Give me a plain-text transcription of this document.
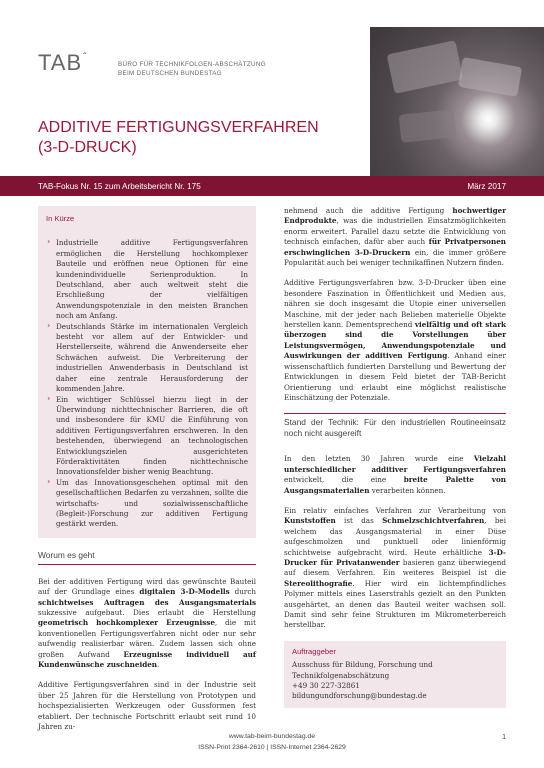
$TAB^ˆ$
BÜRO FÜR TECHNIKFOLGEN-ABSCHÄTZUNG
BEIM DEUTSCHEN BUNDESTAG
ADDITIVE FERTIGUNGSVERFAHREN
(3-D-DRUCK)
TAB-Fokus Nr. 15 zum Arbeitsbericht Nr. 175	März 2017
In Kürze
› Industrielle additive Fertigungsverfahren ermöglichen die Herstellung hochkomplexer Bauteile und eröffnen neue Optionen für eine kundenindividuelle Serienproduktion. In Deutschland, aber auch weltweit steht die Erschließung der vielfältigen Anwendungspotenziale in den meisten Branchen noch am Anfang.
› Deutschlands Stärke im internationalen Vergleich besteht vor allem auf der Entwickler- und Herstellerseite, während die Anwenderseite eher Schwächen aufweist. Die Verbreiterung der industriellen Anwenderbasis in Deutschland ist daher eine zentrale Herausforderung der kommenden Jahre.
› Ein wichtiger Schlüssel hierzu liegt in der Überwindung nichttechnischer Barrieren, die oft und insbesondere für KMU die Einführung von additiven Fertigungsverfahren erschweren. In den bestehenden, überwiegend an technologischen Entwicklungszielen ausgerichteten Förderaktivitäten finden nichttechnische Innovationsfelder bisher wenig Beachtung.
› Um das Innovationsgeschehen optimal mit den gesellschaftlichen Bedarfen zu verzahnen, sollte die wirtschafts- und sozialwissenschaftliche (Begleit-)Forschung zur additiven Fertigung gestärkt werden.
Worum es geht

Bei der additiven Fertigung wird das gewünschte Bauteil auf der Grundlage eines digitalen 3-D-Modells durch schichtweises Auftragen des Ausgangsmaterials sukzessive aufgebaut. Dies erlaubt die Herstellung geometrisch hochkomplexer Erzeugnisse, die mit konventionellen Fertigungsverfahren nicht oder nur sehr aufwendig realisierbar wären. Zudem lassen sich ohne großen Aufwand Erzeugnisse individuell auf Kundenwünsche zuschneiden.

Additive Fertigungsverfahren sind in der Industrie seit über 25 Jahren für die Herstellung von Prototypen und hochspezialisierten Werkzeugen oder Gussformen fest etabliert. Der technische Fortschritt erlaubt seit rund 10 Jahren zu-

nehmend auch die additive Fertigung hochwertiger Endprodukte, was die industriellen Einsatzmöglichkeiten enorm erweitert. Parallel dazu setzte die Entwicklung von technisch einfachen, dafür aber auch für Privatpersonen erschwinglichen 3-D-Druckern ein, die immer größere Popularität auch bei weniger technikaffinen Nutzern finden.

Additive Fertigungsverfahren bzw. 3-D-Drucker üben eine besondere Faszination in Öffentlichkeit und Medien aus, nähren sie doch insgesamt die Utopie einer universellen Maschine, mit der jeder nach Belieben materielle Objekte herstellen kann. Dementsprechend vielfältig und oft stark überzogen sind die Vorstellungen über Leistungsvermögen, Anwendungspotenziale und Auswirkungen der additiven Fertigung. Anhand einer wissenschaftlich fundierten Darstellung und Bewertung der Entwicklungen in diesem Feld bietet der TAB-Bericht Orientierung und erlaubt eine möglichst realistische Einschätzung der Potenziale.

Stand der Technik: Für den industriellen Routineeinsatz noch nicht ausgereift

In den letzten 30 Jahren wurde eine Vielzahl unterschiedlicher additiver Fertigungsverfahren entwickelt, die eine breite Palette von Ausgangsmaterialien verarbeiten können.

Ein relativ einfaches Verfahren zur Verarbeitung von Kunststoffen ist das Schmelzschichtverfahren, bei welchem das Ausgangsmaterial in einer Düse aufgeschmolzen und punktuell oder linienförmig schichtweise aufgebracht wird. Heute erhältliche 3-D-Drucker für Privatanwender basieren ganz überwiegend auf diesem Verfahren. Ein weiteres Beispiel ist die Stereolithografie. Hier wird ein lichtempfindliches Polymer mittels eines Laserstrahls gezielt an den Punkten ausgehärtet, an denen das Bauteil weiter wachsen soll. Damit sind sehr feine Strukturen im Mikrometerbereich herstellbar.

Auftraggeber
Ausschuss für Bildung, Forschung und
Technikfolgenabschätzung
+49 30 227-32861
bildungundforschung@bundestag.de
www.tab-beim-bundestag.de
ISSN-Print 2364-2610 | ISSN-Internet 2364-2629
1
